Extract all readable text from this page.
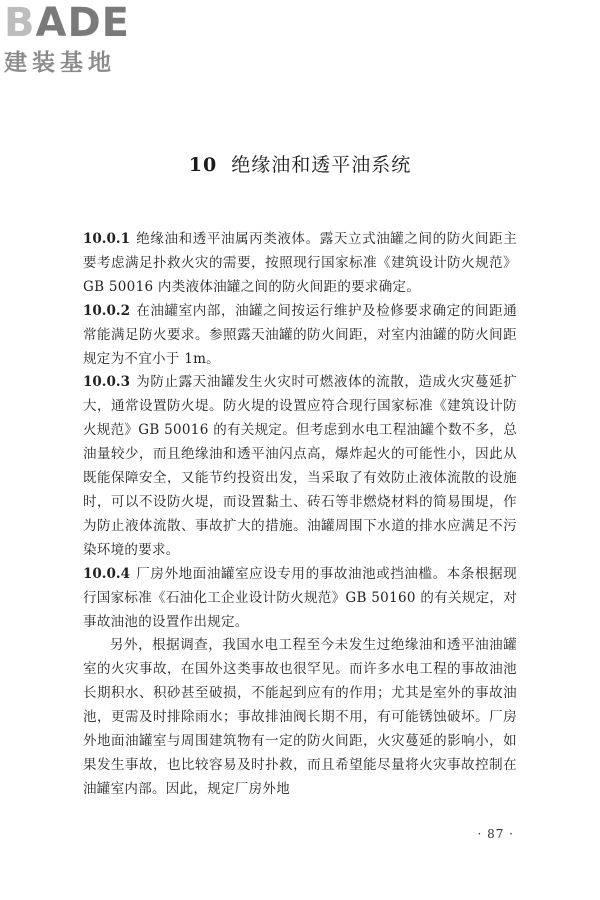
BADE
建装基地
10 绝缘油和透平油系统

10.0.1 绝缘油和透平油属丙类液体。露天立式油罐之间的防火间距主要考虑满足扑救火灾的需要，按照现行国家标准《建筑设计防火规范》GB 50016 内类液体油罐之间的防火间距的要求确定。

10.0.2 在油罐室内部，油罐之间按运行维护及检修要求确定的间距通常能满足防火要求。参照露天油罐的防火间距，对室内油罐的防火间距规定为不宜小于 1m。

10.0.3 为防止露天油罐发生火灾时可燃液体的流散，造成火灾蔓延扩大，通常设置防火堤。防火堤的设置应符合现行国家标准《建筑设计防火规范》GB 50016 的有关规定。但考虑到水电工程油罐个数不多，总油量较少，而且绝缘油和透平油闪点高，爆炸起火的可能性小，因此从既能保障安全，又能节约投资出发，当采取了有效防止液体流散的设施时，可以不设防火堤，而设置黏土、砖石等非燃烧材料的简易围堤，作为防止液体流散、事故扩大的措施。油罐周围下水道的排水应满足不污染环境的要求。

10.0.4 厂房外地面油罐室应设专用的事故油池或挡油槛。本条根据现行国家标准《石油化工企业设计防火规范》GB 50160 的有关规定，对事故油池的设置作出规定。

另外，根据调查，我国水电工程至今未发生过绝缘油和透平油油罐室的火灾事故，在国外这类事故也很罕见。而许多水电工程的事故油池长期积水、积砂甚至破损，不能起到应有的作用；尤其是室外的事故油池，更需及时排除雨水；事故排油阀长期不用，有可能锈蚀破坏。厂房外地面油罐室与周围建筑物有一定的防火间距，火灾蔓延的影响小，如果发生事故，也比较容易及时扑救，而且希望能尽量将火灾事故控制在油罐室内部。因此，规定厂房外地

· 87 ·
